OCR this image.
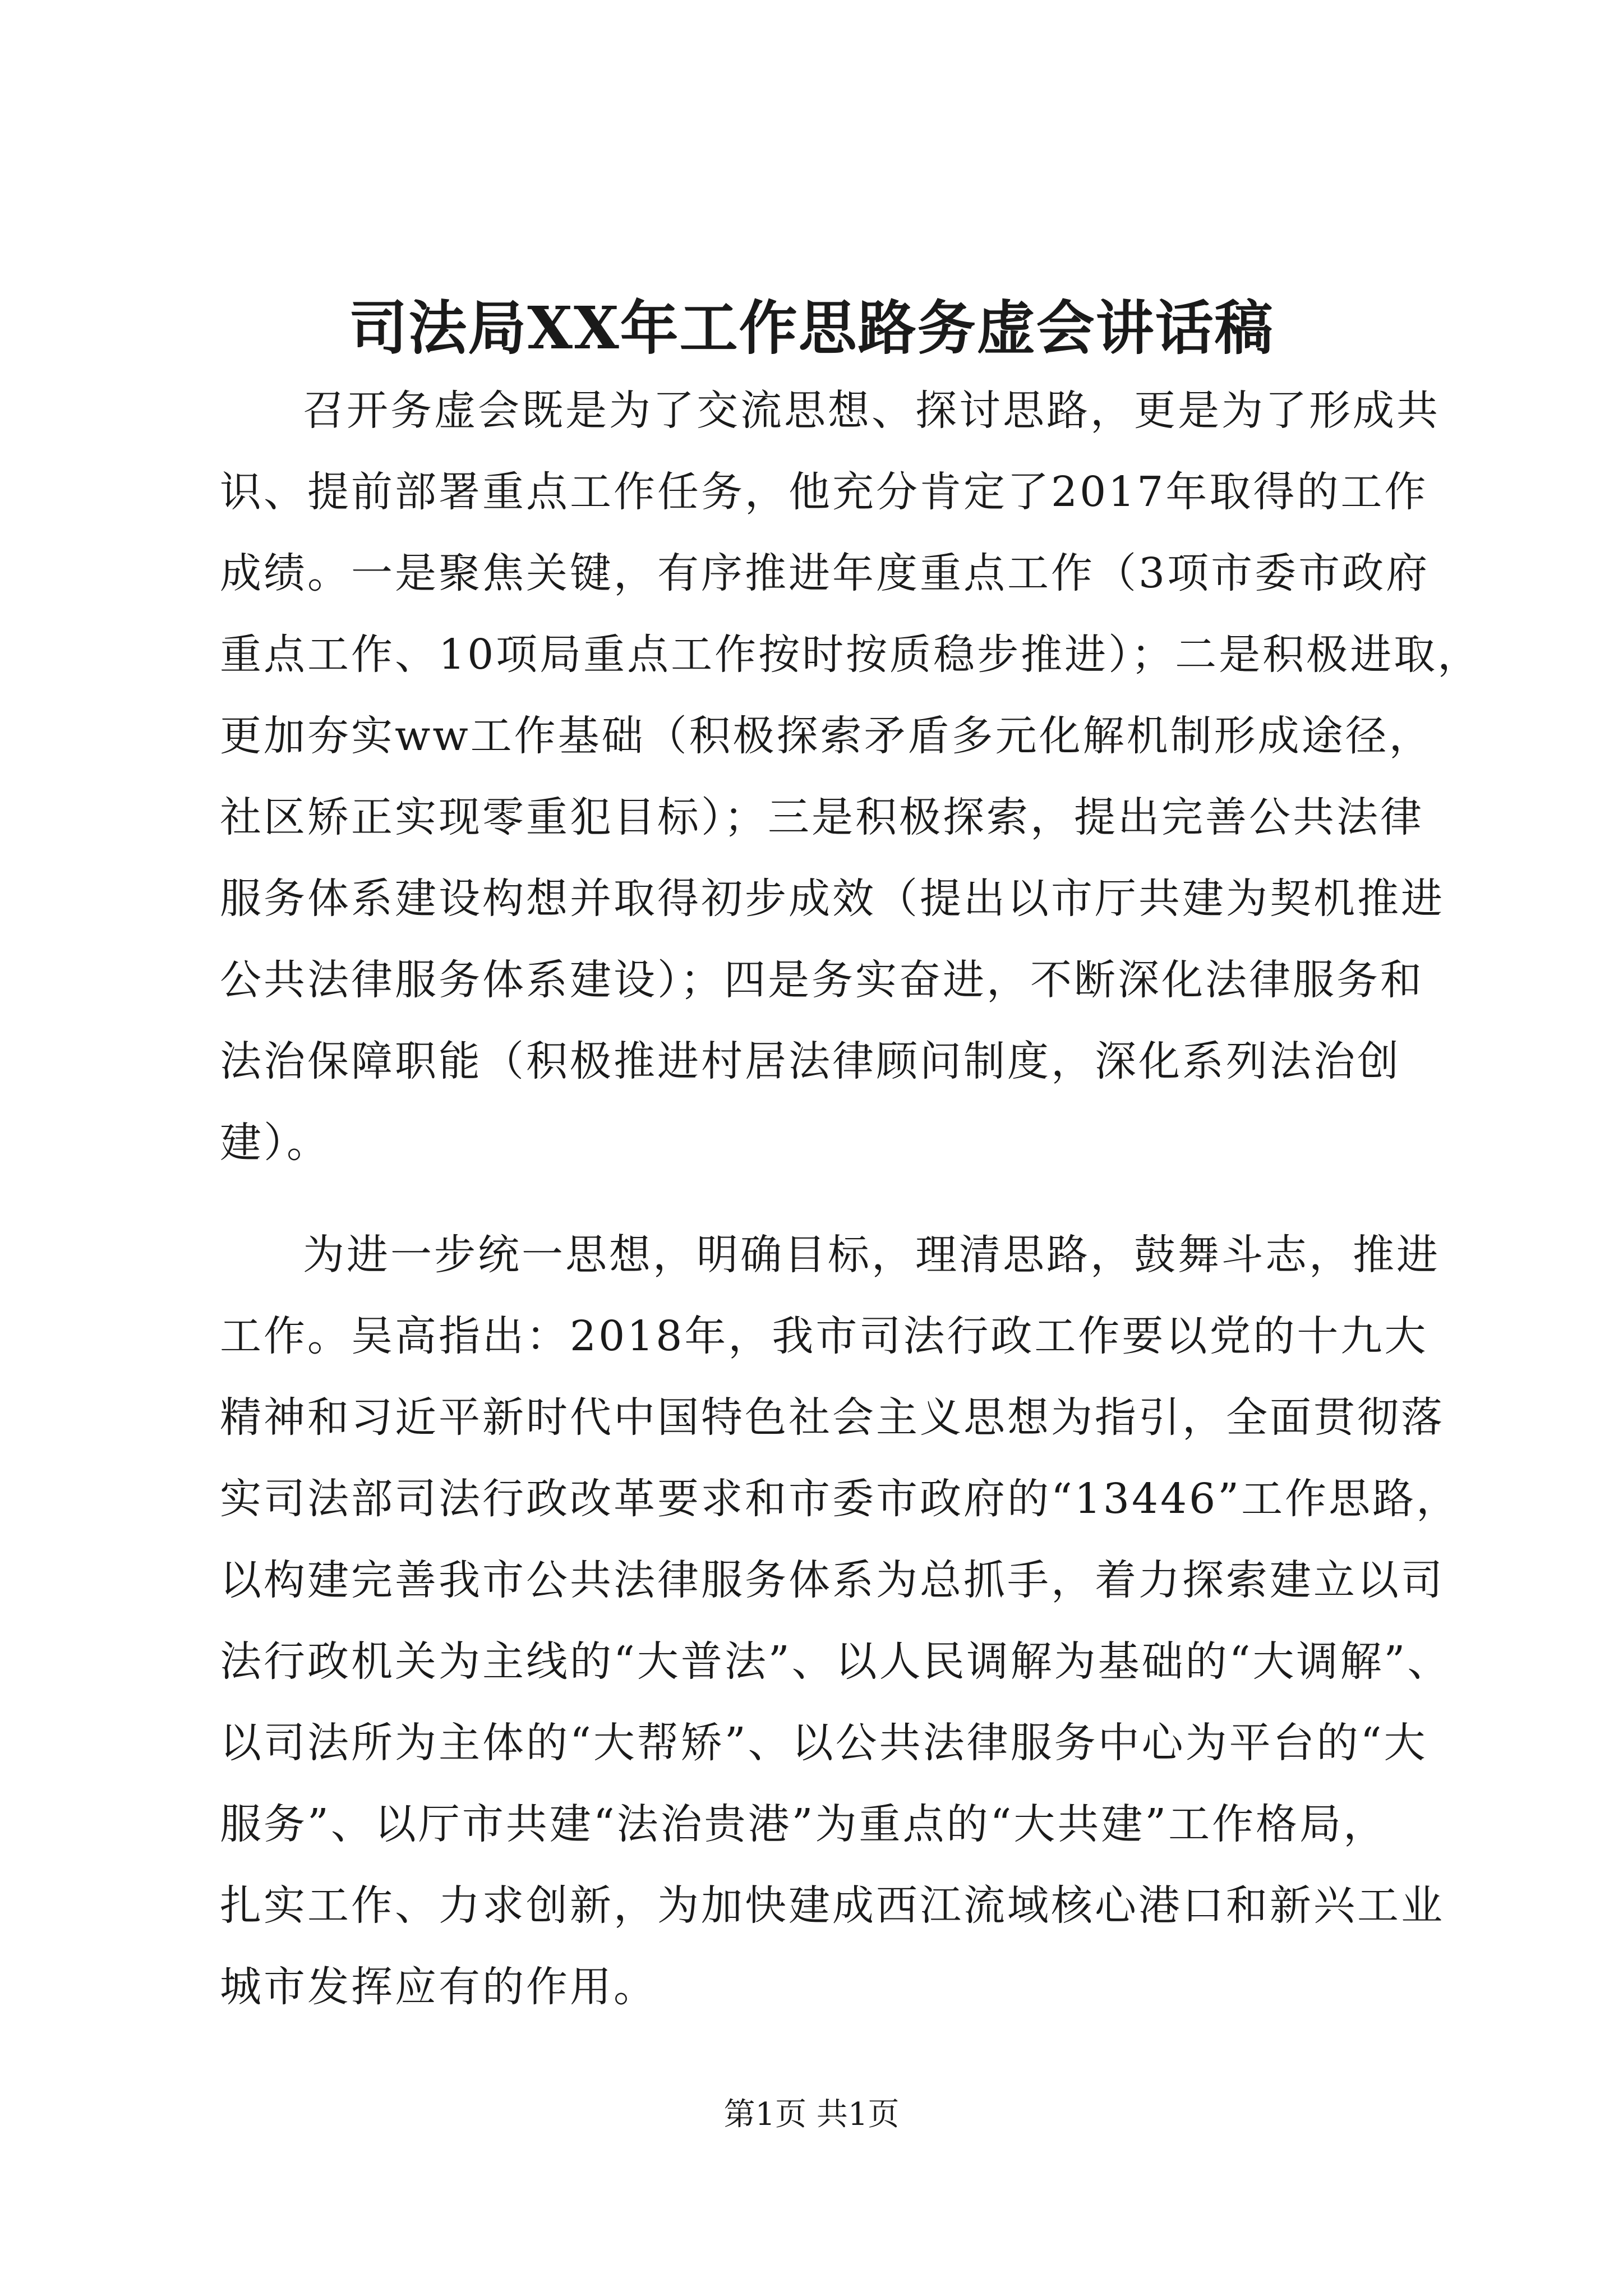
司法局XX年工作思路务虚会讲话稿
召开务虚会既是为了交流思想、探讨思路，更是为了形成共
识、提前部署重点工作任务，他充分肯定了2017年取得的工作
成绩。一是聚焦关键，有序推进年度重点工作（3项市委市政府
重点工作、10项局重点工作按时按质稳步推进）；二是积极进取，
更加夯实ww工作基础（积极探索矛盾多元化解机制形成途径，
社区矫正实现零重犯目标）；三是积极探索，提出完善公共法律
服务体系建设构想并取得初步成效（提出以市厅共建为契机推进
公共法律服务体系建设）；四是务实奋进，不断深化法律服务和
法治保障职能（积极推进村居法律顾问制度，深化系列法治创
建）。
为进一步统一思想，明确目标，理清思路，鼓舞斗志，推进
工作。吴高指出：2018年，我市司法行政工作要以党的十九大
精神和习近平新时代中国特色社会主义思想为指引，全面贯彻落
实司法部司法行政改革要求和市委市政府的“13446”工作思路，
以构建完善我市公共法律服务体系为总抓手，着力探索建立以司
法行政机关为主线的“大普法”、以人民调解为基础的“大调解”、
以司法所为主体的“大帮矫”、以公共法律服务中心为平台的“大
服务”、以厅市共建“法治贵港”为重点的“大共建”工作格局，
扎实工作、力求创新，为加快建成西江流域核心港口和新兴工业
城市发挥应有的作用。
第1页 共1页
